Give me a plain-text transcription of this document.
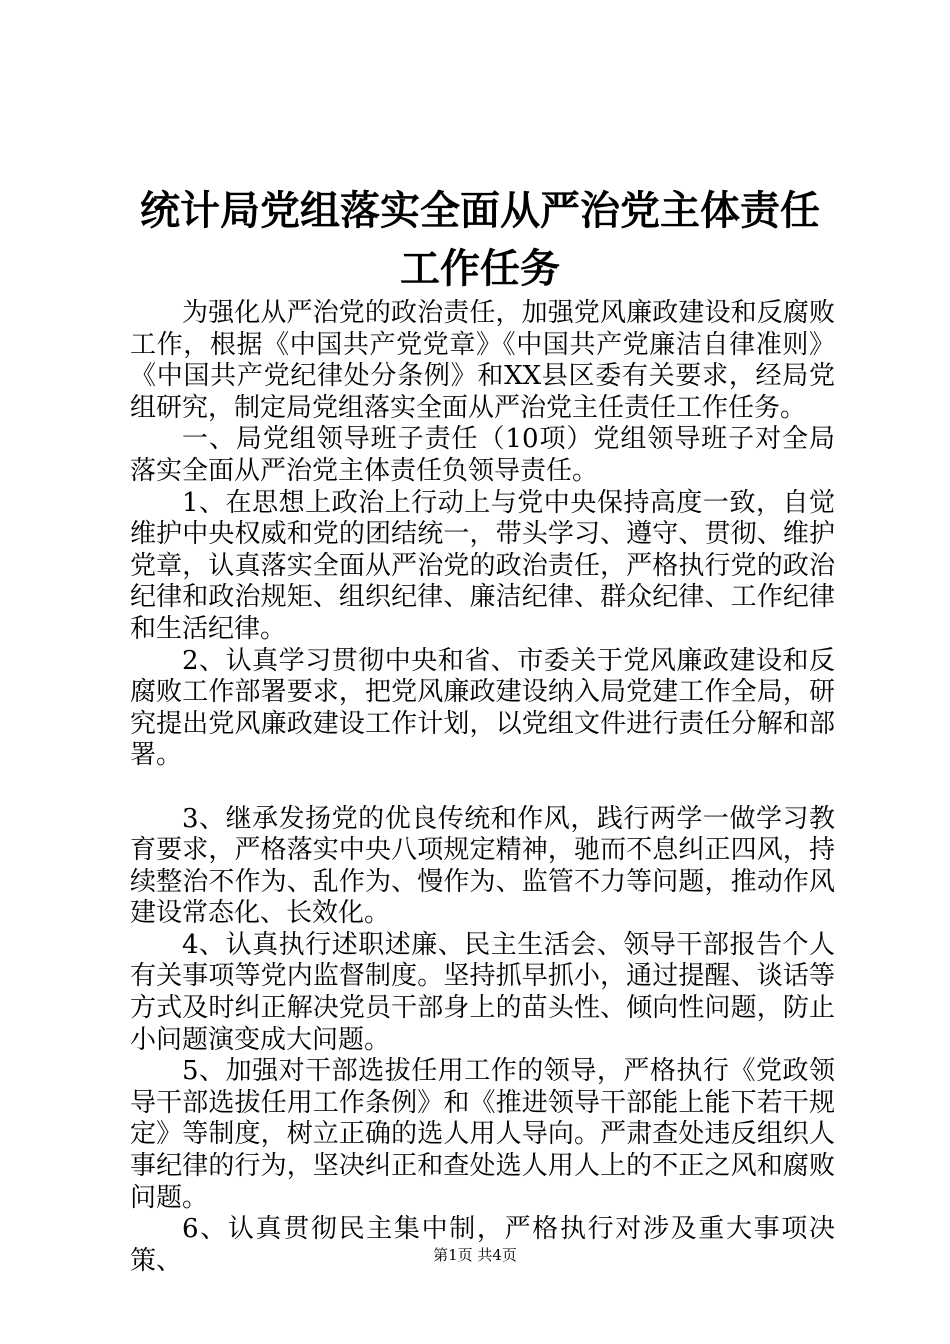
统计局党组落实全面从严治党主体责任工作任务

为强化从严治党的政治责任，加强党风廉政建设和反腐败工作，根据《中国共产党党章》《中国共产党廉洁自律准则》《中国共产党纪律处分条例》和XX县区委有关要求，经局党组研究，制定局党组落实全面从严治党主任责任工作任务。

一、局党组领导班子责任（10项）党组领导班子对全局落实全面从严治党主体责任负领导责任。

1、在思想上政治上行动上与党中央保持高度一致，自觉维护中央权威和党的团结统一，带头学习、遵守、贯彻、维护党章，认真落实全面从严治党的政治责任，严格执行党的政治纪律和政治规矩、组织纪律、廉洁纪律、群众纪律、工作纪律和生活纪律。

2、认真学习贯彻中央和省、市委关于党风廉政建设和反腐败工作部署要求，把党风廉政建设纳入局党建工作全局，研究提出党风廉政建设工作计划，以党组文件进行责任分解和部署。

3、继承发扬党的优良传统和作风，践行两学一做学习教育要求，严格落实中央八项规定精神，驰而不息纠正四风，持续整治不作为、乱作为、慢作为、监管不力等问题，推动作风建设常态化、长效化。

4、认真执行述职述廉、民主生活会、领导干部报告个人有关事项等党内监督制度。坚持抓早抓小，通过提醒、谈话等方式及时纠正解决党员干部身上的苗头性、倾向性问题，防止小问题演变成大问题。

5、加强对干部选拔任用工作的领导，严格执行《党政领导干部选拔任用工作条例》和《推进领导干部能上能下若干规定》等制度，树立正确的选人用人导向。严肃查处违反组织人事纪律的行为，坚决纠正和查处选人用人上的不正之风和腐败问题。

6、认真贯彻民主集中制，严格执行对涉及重大事项决策、	第1页 共4页
